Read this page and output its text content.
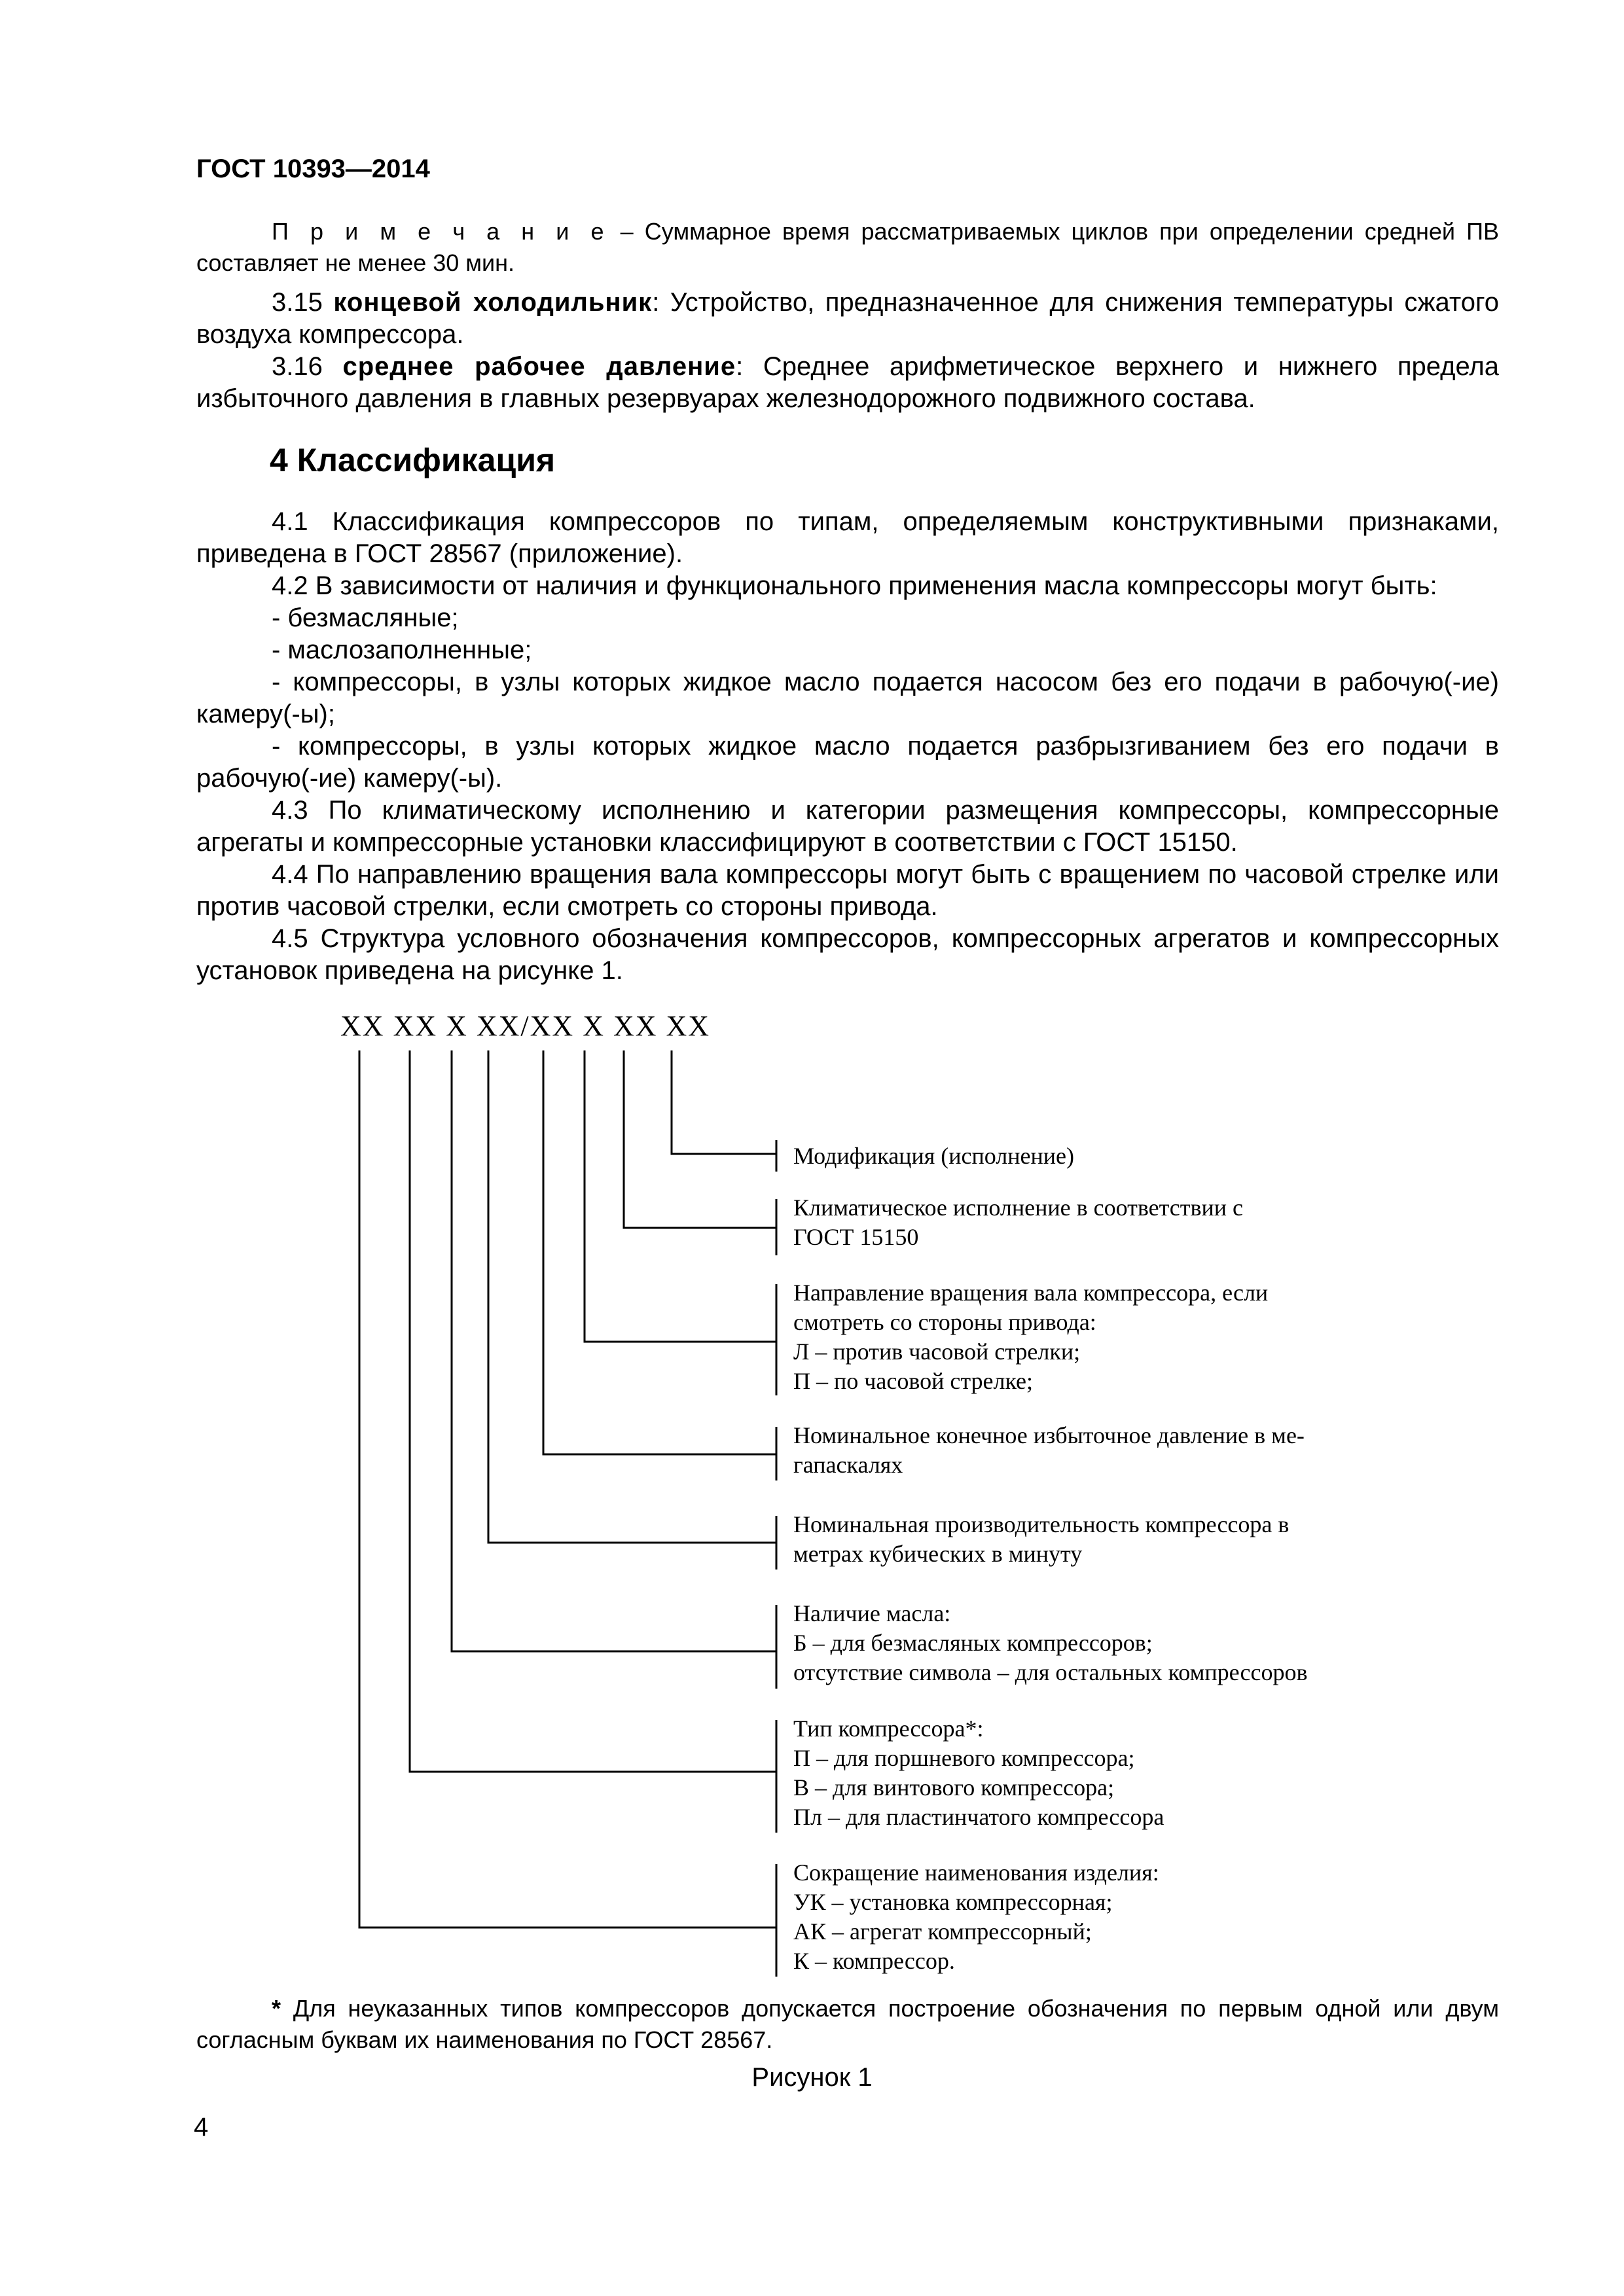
ГОСТ 10393—2014

П р и м е ч а н и е – Суммарное время рассматриваемых циклов при определении средней ПВ составляет не менее 30 мин.

3.15 концевой холодильник: Устройство, предназначенное для снижения температуры сжатого воздуха компрессора.

3.16 среднее рабочее давление: Среднее арифметическое верхнего и нижнего предела избыточного давления в главных резервуарах железнодорожного подвижного состава.

4 Классификация

4.1 Классификация компрессоров по типам, определяемым конструктивными признаками, приведена в ГОСТ 28567 (приложение).

4.2 В зависимости от наличия и функционального применения масла компрессоры могут быть:

- безмасляные;

- маслозаполненные;

- компрессоры, в узлы которых жидкое масло подается насосом без его подачи в рабочую(-ие) камеру(-ы);

- компрессоры, в узлы которых жидкое масло подается разбрызгиванием без его подачи в рабочую(-ие) камеру(-ы).

4.3 По климатическому исполнению и категории размещения компрессоры, компрессорные агрегаты и компрессорные установки классифицируют в соответствии с ГОСТ 15150.

4.4 По направлению вращения вала компрессоры могут быть с вращением по часовой стрелке или против часовой стрелки, если смотреть со стороны привода.

4.5 Структура условного обозначения компрессоров, компрессорных агрегатов и компрессорных установок приведена на рисунке 1.

XX XX X XX/XX X XX XX
Модификация (исполнение)
Климатическое исполнение в соответствии с
ГОСТ 15150
Направление вращения вала компрессора, если
смотреть со стороны привода:
Л – против часовой стрелки;
П – по часовой стрелке;
Номинальное конечное избыточное давление в ме-
гапаскалях
Номинальная производительность компрессора в
метрах кубических в минуту
Наличие масла:
Б – для безмасляных компрессоров;
отсутствие символа – для остальных компрессоров
Тип компрессора*:
П – для поршневого компрессора;
В – для винтового компрессора;
Пл – для пластинчатого компрессора
Сокращение наименования изделия:
УК – установка компрессорная;
АК – агрегат компрессорный;
К – компрессор.

* Для неуказанных типов компрессоров допускается построение обозначения по первым одной или двум согласным буквам их наименования по ГОСТ 28567.

Рисунок 1
4
